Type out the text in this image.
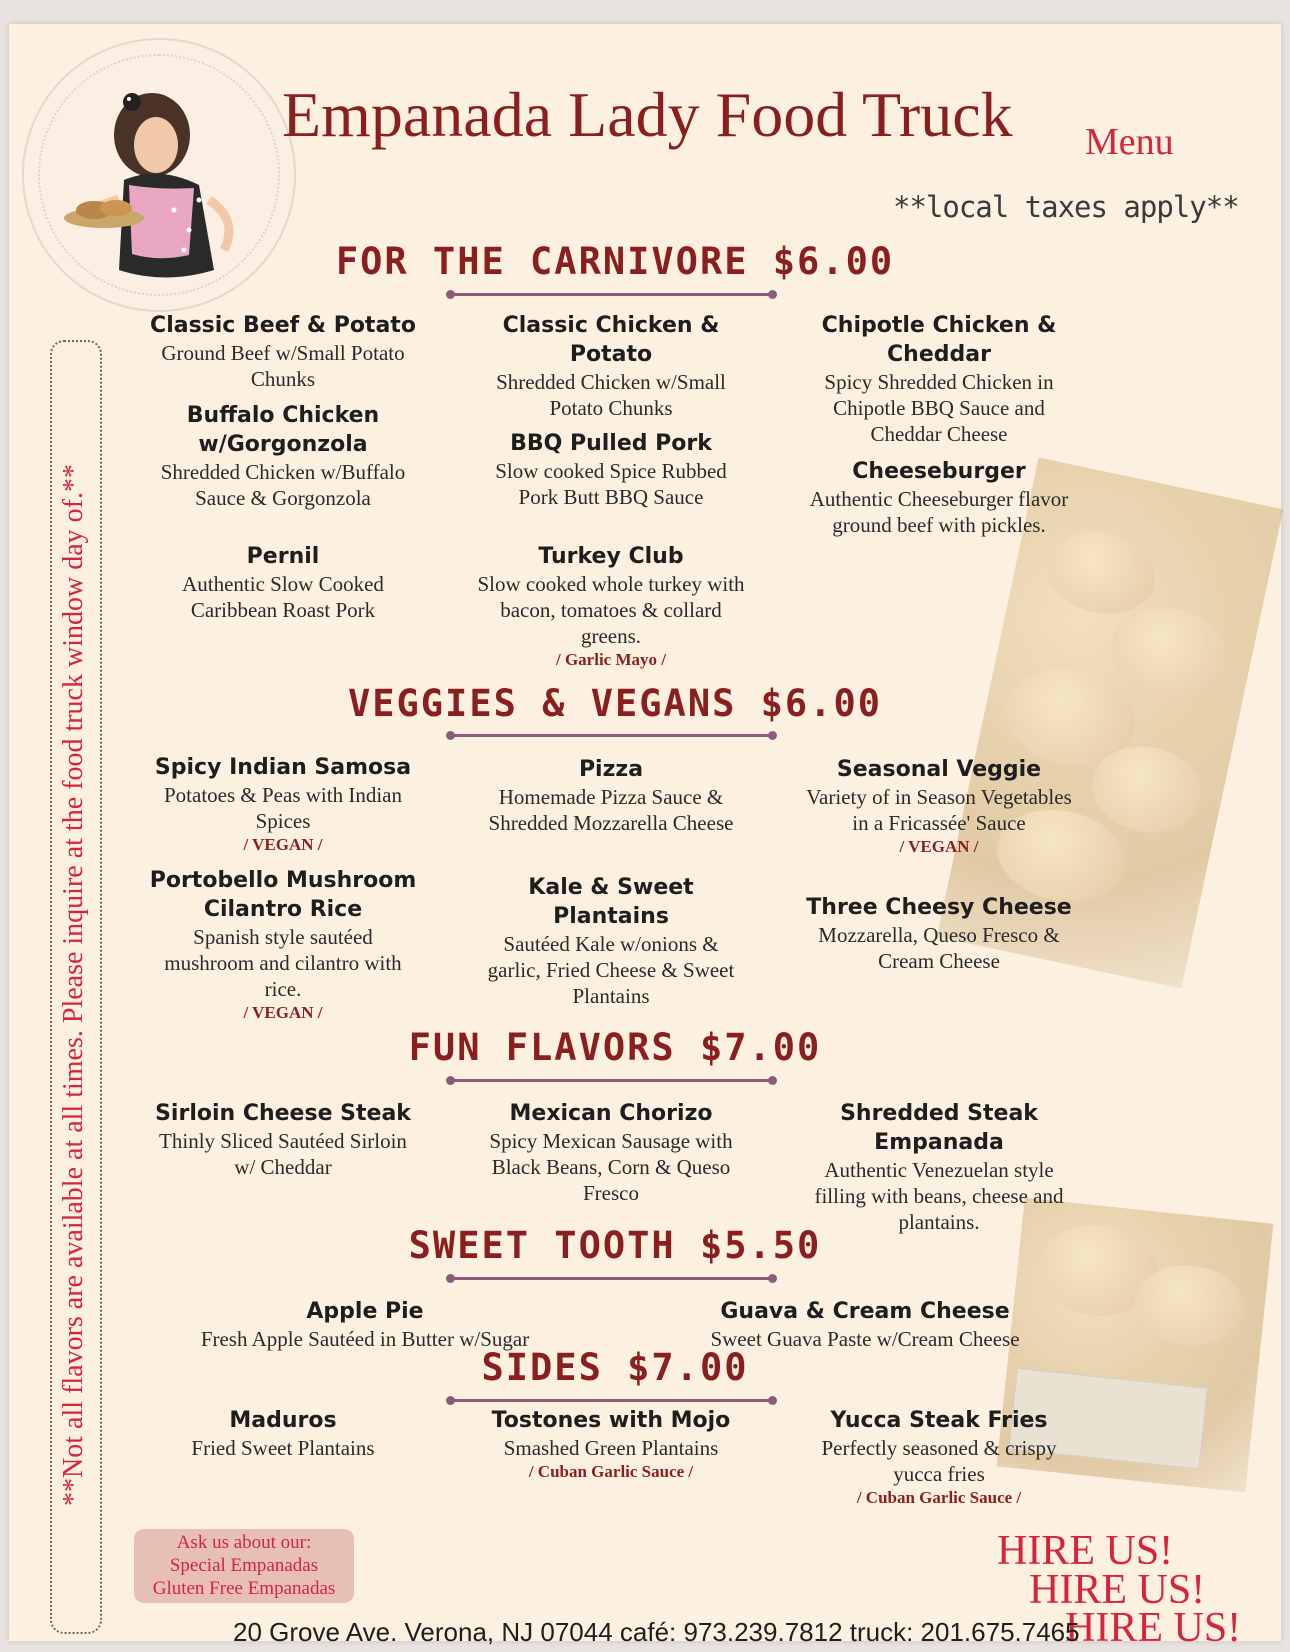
Empanada Lady Food Truck Menu
**local taxes apply**
**Not all flavors are available at all times. Please inquire at the food truck window day of.**
FOR THE CARNIVORE $6.00
Classic Beef & Potato
Ground Beef w/Small Potato Chunks
Classic Chicken & Potato
Shredded Chicken w/Small Potato Chunks
Chipotle Chicken & Cheddar
Spicy Shredded Chicken in Chipotle BBQ Sauce and Cheddar Cheese
Buffalo Chicken w/Gorgonzola
Shredded Chicken w/Buffalo Sauce & Gorgonzola
BBQ Pulled Pork
Slow cooked Spice Rubbed Pork Butt BBQ Sauce
Cheeseburger
Authentic Cheeseburger flavor ground beef with pickles.
Pernil
Authentic Slow Cooked Caribbean Roast Pork
Turkey Club
Slow cooked whole turkey with bacon, tomatoes & collard greens.
/ Garlic Mayo /
VEGGIES & VEGANS $6.00
Spicy Indian Samosa
Potatoes & Peas with Indian Spices
/ VEGAN /
Pizza
Homemade Pizza Sauce & Shredded Mozzarella Cheese
Seasonal Veggie
Variety of in Season Vegetables in a Fricassée' Sauce
/ VEGAN /
Portobello Mushroom Cilantro Rice
Spanish style sautéed mushroom and cilantro with rice.
/ VEGAN /
Kale & Sweet Plantains
Sautéed Kale w/onions & garlic, Fried Cheese & Sweet Plantains
Three Cheesy Cheese
Mozzarella, Queso Fresco & Cream Cheese
FUN FLAVORS $7.00
Sirloin Cheese Steak
Thinly Sliced Sautéed Sirloin w/ Cheddar
Mexican Chorizo
Spicy Mexican Sausage with Black Beans, Corn & Queso Fresco
Shredded Steak Empanada
Authentic Venezuelan style filling with beans, cheese and plantains.
SWEET TOOTH $5.50
Apple Pie
Fresh Apple Sautéed in Butter w/Sugar
Guava & Cream Cheese
Sweet Guava Paste w/Cream Cheese
SIDES $7.00
Maduros
Fried Sweet Plantains
Tostones with Mojo
Smashed Green Plantains
/ Cuban Garlic Sauce /
Yucca Steak Fries
Perfectly seasoned & crispy yucca fries
/ Cuban Garlic Sauce /
Ask us about our:
Special Empanadas
Gluten Free Empanadas
HIRE US!
HIRE US!
HIRE US!
20 Grove Ave. Verona, NJ 07044 café: 973.239.7812 truck: 201.675.7465
